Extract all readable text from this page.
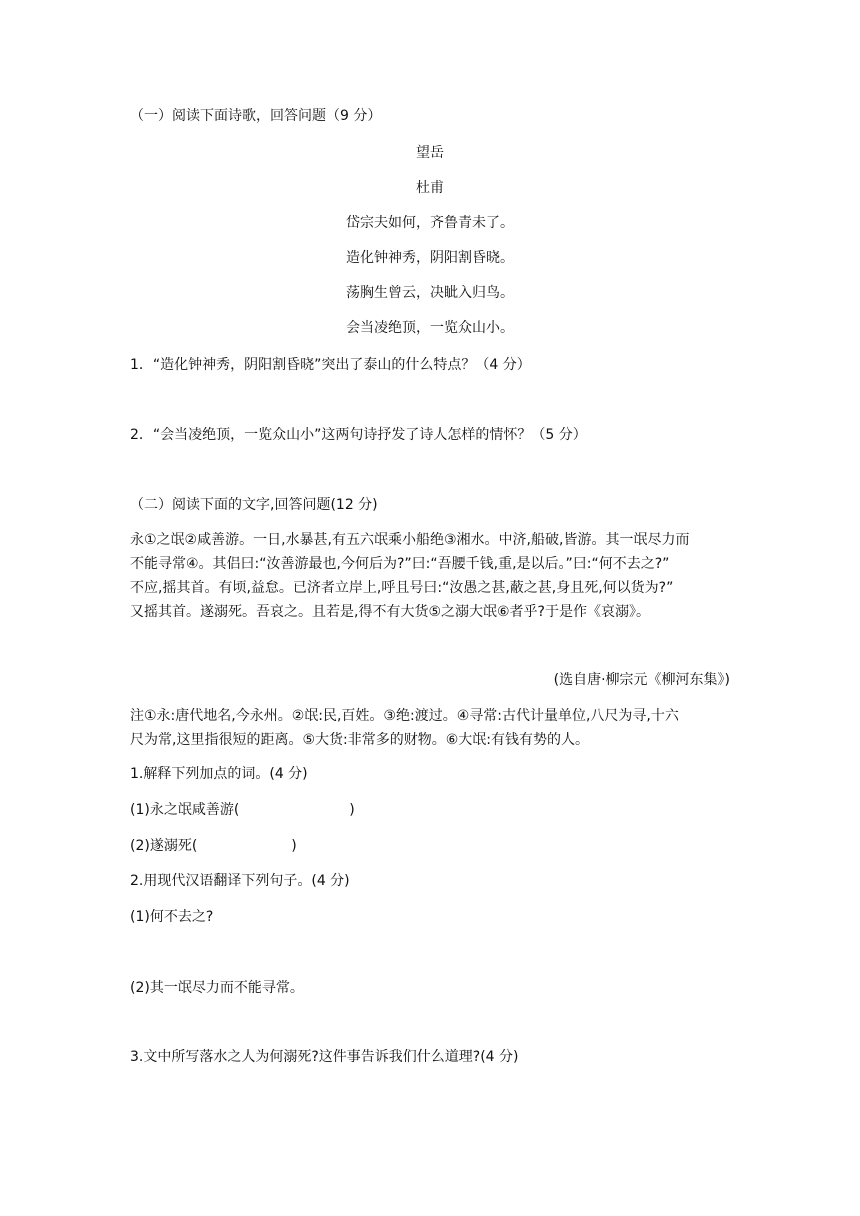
（一）阅读下面诗歌，回答问题（9 分）
望岳
杜甫
岱宗夫如何，齐鲁青未了。
造化钟神秀，阴阳割昏晓。
荡胸生曾云，决眦入归鸟。
会当凌绝顶，一览众山小。
1．“造化钟神秀，阴阳割昏晓”突出了泰山的什么特点？（4 分）
2．“会当凌绝顶，一览众山小”这两句诗抒发了诗人怎样的情怀？（5 分）
（二）阅读下面的文字,回答问题(12 分)
永①之氓②咸善游。一日,水暴甚,有五六氓乘小船绝③湘水。中济,船破,皆游。其一氓尽力而
不能寻常④。其侣曰:“汝善游最也,今何后为?”曰:“吾腰千钱,重,是以后。”曰:“何不去之?”
不应,摇其首。有顷,益怠。已济者立岸上,呼且号曰:“汝愚之甚,蔽之甚,身且死,何以货为?”
又摇其首。遂溺死。吾哀之。且若是,得不有大货⑤之溺大氓⑥者乎?于是作《哀溺》。
(选自唐·柳宗元《柳河东集》)
注①永:唐代地名,今永州。②氓:民,百姓。③绝:渡过。④寻常:古代计量单位,八尺为寻,十六
尺为常,这里指很短的距离。⑤大货:非常多的财物。⑥大氓:有钱有势的人。
1.解释下列加点的词。(4 分)
(1)永之氓咸善游(	)
(2)遂溺死(	)
2.用现代汉语翻译下列句子。(4 分)
(1)何不去之?
(2)其一氓尽力而不能寻常。
3.文中所写落水之人为何溺死?这件事告诉我们什么道理?(4 分)
